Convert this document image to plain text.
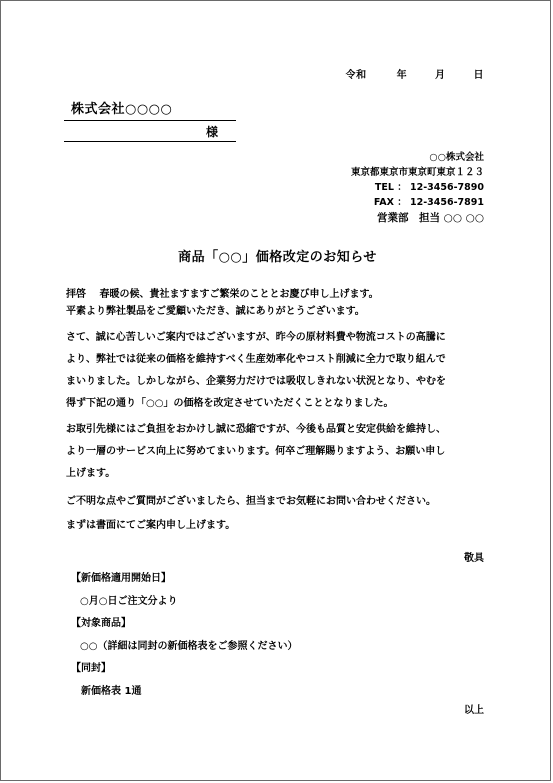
令和	年	月	日
株式会社○○○○
様
○○株式会社
東京都東京市東京町東京１２３
TEL ： 12-3456-7890
FAX ： 12-3456-7891
営業部　担当 ○○ ○○
商品「○○」価格改定のお知らせ

拝啓　 春暖の候、貴社ますますご繁栄のこととお慶び申し上げます。

平素より弊社製品をご愛顧いただき、誠にありがとうございます。

さて、誠に心苦しいご案内ではございますが、昨今の原材料費や物流コストの高騰に

より、弊社では従来の価格を維持すべく生産効率化やコスト削減に全力で取り組んで

まいりました。しかしながら、企業努力だけでは吸収しきれない状況となり、やむを

得ず下記の通り「○○」の価格を改定させていただくこととなりました。

お取引先様にはご負担をおかけし誠に恐縮ですが、今後も品質と安定供給を維持し、

より一層のサービス向上に努めてまいります。何卒ご理解賜りますよう、お願い申し

上げます。

ご不明な点やご質問がございましたら、担当までお気軽にお問い合わせください。

まずは書面にてご案内申し上げます。

敬具
【新価格適用開始日】
○月○日ご注文分より
【対象商品】
○○（詳細は同封の新価格表をご参照ください）
【同封】
新価格表 1通
以上
